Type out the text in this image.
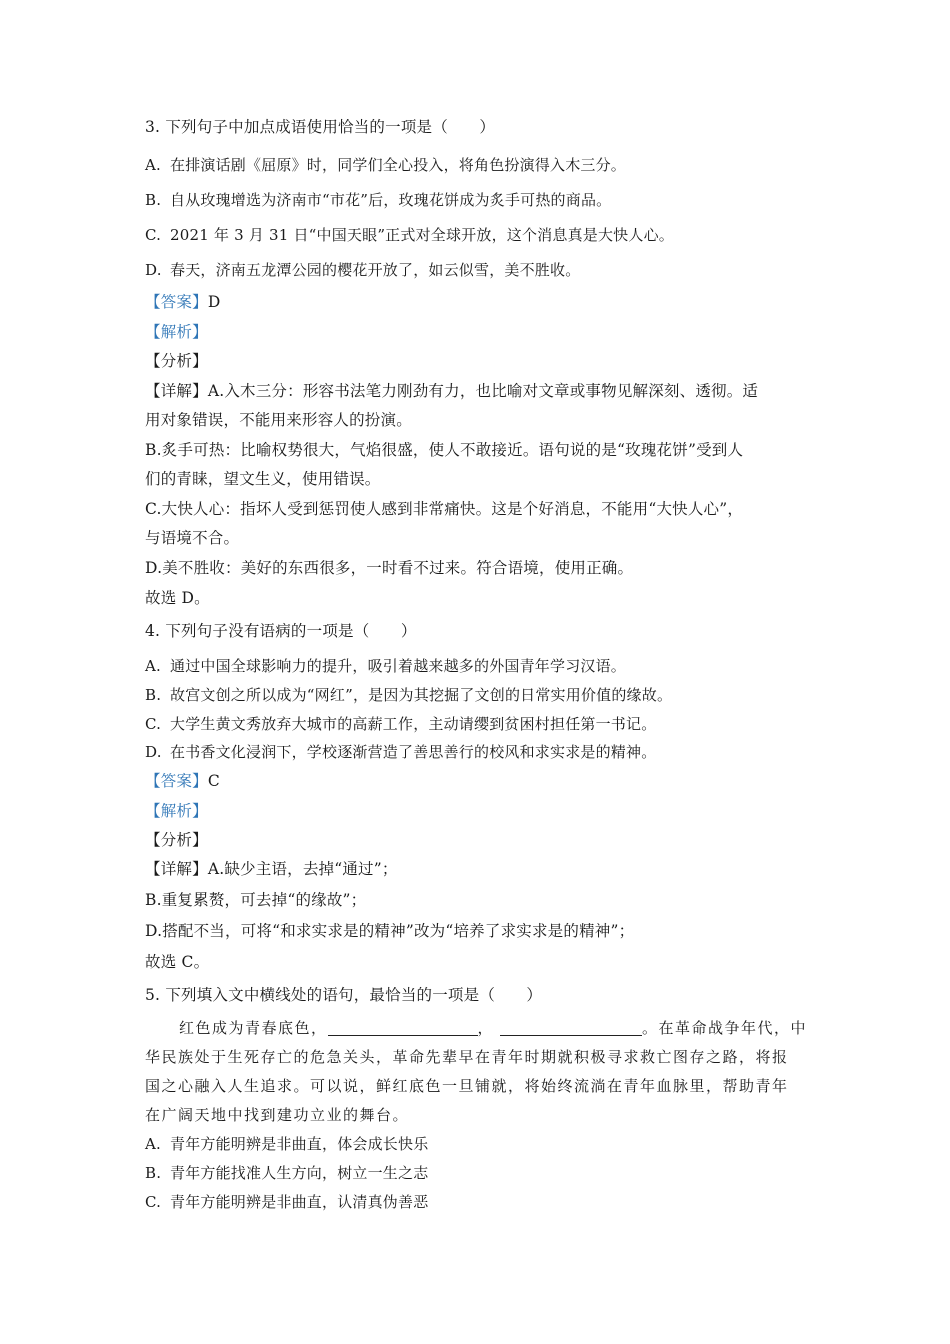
3. 下列句子中加点成语使用恰当的一项是（　　）
A. 在排演话剧《屈原》时，同学们全心投入，将角色扮演得入木三分。
B. 自从玫瑰增选为济南市“市花”后，玫瑰花饼成为炙手可热的商品。
C. 2021 年 3 月 31 日“中国天眼”正式对全球开放，这个消息真是大快人心。
D. 春天，济南五龙潭公园的樱花开放了，如云似雪，美不胜收。
【答案】D
【解析】
【分析】
【详解】A.入木三分：形容书法笔力刚劲有力，也比喻对文章或事物见解深刻、透彻。适
用对象错误，不能用来形容人的扮演。
B.炙手可热：比喻权势很大，气焰很盛，使人不敢接近。语句说的是“玫瑰花饼”受到人
们的青睐，望文生义，使用错误。
C.大快人心：指坏人受到惩罚使人感到非常痛快。这是个好消息，不能用“大快人心”，
与语境不合。
D.美不胜收：美好的东西很多，一时看不过来。符合语境，使用正确。
故选 D。
4. 下列句子没有语病的一项是（　　）
A. 通过中国全球影响力的提升，吸引着越来越多的外国青年学习汉语。
B. 故宫文创之所以成为“网红”，是因为其挖掘了文创的日常实用价值的缘故。
C. 大学生黄文秀放弃大城市的高薪工作，主动请缨到贫困村担任第一书记。
D. 在书香文化浸润下，学校逐渐营造了善思善行的校风和求实求是的精神。
【答案】C
【解析】
【分析】
【详解】A.缺少主语，去掉“通过”；
B.重复累赘，可去掉“的缘故”；
D.搭配不当，可将“和求实求是的精神”改为“培养了求实求是的精神”；
故选 C。
5. 下列填入文中横线处的语句，最恰当的一项是（　　）
红色成为青春底色，	，	。在革命战争年代，中
华民族处于生死存亡的危急关头，革命先辈早在青年时期就积极寻求救亡图存之路，将报
国之心融入人生追求。可以说，鲜红底色一旦铺就，将始终流淌在青年血脉里，帮助青年
在广阔天地中找到建功立业的舞台。
A. 青年方能明辨是非曲直，体会成长快乐
B. 青年方能找准人生方向，树立一生之志
C. 青年方能明辨是非曲直，认清真伪善恶
